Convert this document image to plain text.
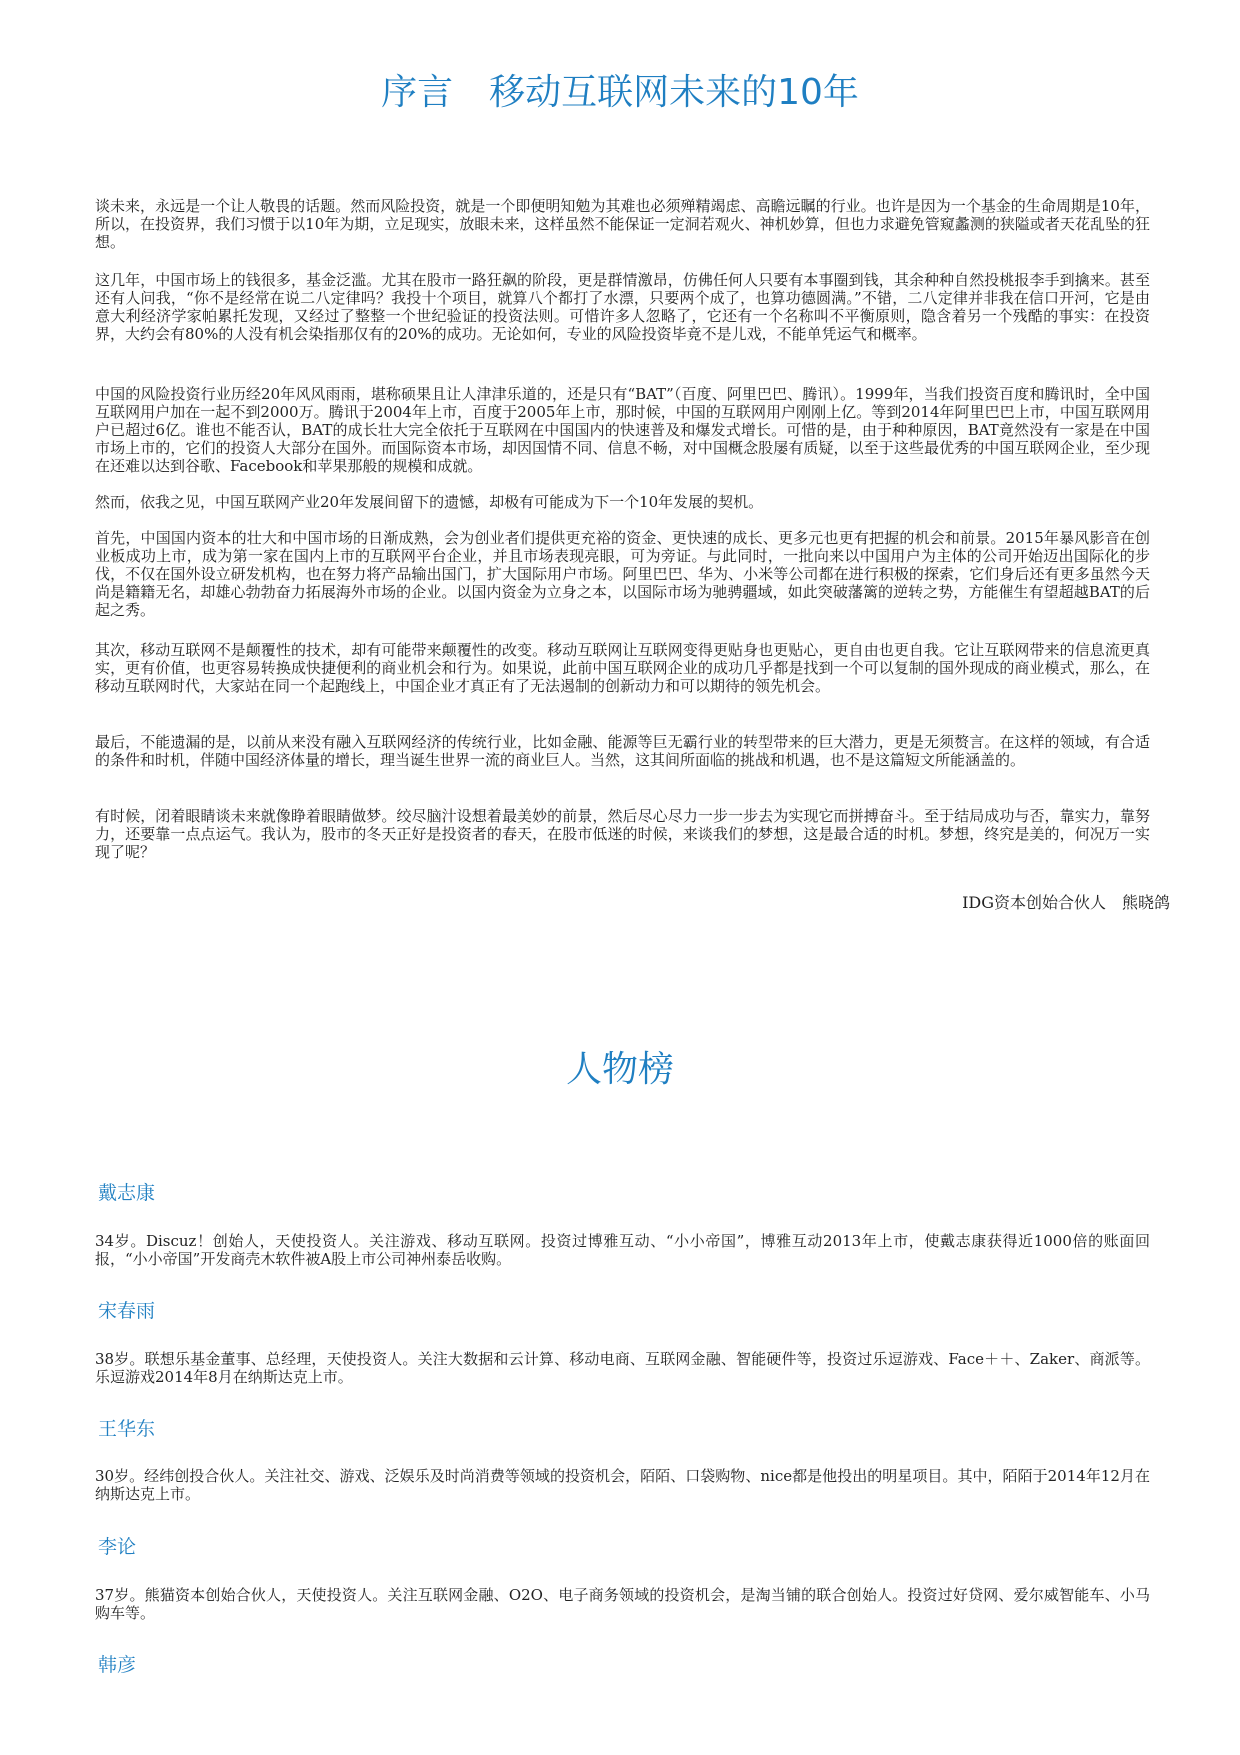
序言　移动互联网未来的10年

谈未来，永远是一个让人敬畏的话题。然而风险投资，就是一个即便明知勉为其难也必须殚精竭虑、高瞻远瞩的行业。也许是因为一个基金的生命周期是10年，所以，在投资界，我们习惯于以10年为期，立足现实，放眼未来，这样虽然不能保证一定洞若观火、神机妙算，但也力求避免管窥蠡测的狭隘或者天花乱坠的狂想。

这几年，中国市场上的钱很多，基金泛滥。尤其在股市一路狂飙的阶段，更是群情激昂，仿佛任何人只要有本事圈到钱，其余种种自然投桃报李手到擒来。甚至还有人问我，“你不是经常在说二八定律吗？我投十个项目，就算八个都打了水漂，只要两个成了，也算功德圆满。”不错，二八定律并非我在信口开河，它是由意大利经济学家帕累托发现，又经过了整整一个世纪验证的投资法则。可惜许多人忽略了，它还有一个名称叫不平衡原则，隐含着另一个残酷的事实：在投资界，大约会有80%的人没有机会染指那仅有的20%的成功。无论如何，专业的风险投资毕竟不是儿戏，不能单凭运气和概率。

中国的风险投资行业历经20年风风雨雨，堪称硕果且让人津津乐道的，还是只有“BAT”（百度、阿里巴巴、腾讯）。1999年，当我们投资百度和腾讯时，全中国互联网用户加在一起不到2000万。腾讯于2004年上市，百度于2005年上市，那时候，中国的互联网用户刚刚上亿。等到2014年阿里巴巴上市，中国互联网用户已超过6亿。谁也不能否认，BAT的成长壮大完全依托于互联网在中国国内的快速普及和爆发式增长。可惜的是，由于种种原因，BAT竟然没有一家是在中国市场上市的，它们的投资人大部分在国外。而国际资本市场，却因国情不同、信息不畅，对中国概念股屡有质疑，以至于这些最优秀的中国互联网企业，至少现在还难以达到谷歌、Facebook和苹果那般的规模和成就。

然而，依我之见，中国互联网产业20年发展间留下的遗憾，却极有可能成为下一个10年发展的契机。

首先，中国国内资本的壮大和中国市场的日渐成熟，会为创业者们提供更充裕的资金、更快速的成长、更多元也更有把握的机会和前景。2015年暴风影音在创业板成功上市，成为第一家在国内上市的互联网平台企业，并且市场表现亮眼，可为旁证。与此同时，一批向来以中国用户为主体的公司开始迈出国际化的步伐，不仅在国外设立研发机构，也在努力将产品输出国门，扩大国际用户市场。阿里巴巴、华为、小米等公司都在进行积极的探索，它们身后还有更多虽然今天尚是籍籍无名，却雄心勃勃奋力拓展海外市场的企业。以国内资金为立身之本，以国际市场为驰骋疆域，如此突破藩篱的逆转之势，方能催生有望超越BAT的后起之秀。

其次，移动互联网不是颠覆性的技术，却有可能带来颠覆性的改变。移动互联网让互联网变得更贴身也更贴心，更自由也更自我。它让互联网带来的信息流更真实，更有价值，也更容易转换成快捷便利的商业机会和行为。如果说，此前中国互联网企业的成功几乎都是找到一个可以复制的国外现成的商业模式，那么，在移动互联网时代，大家站在同一个起跑线上，中国企业才真正有了无法遏制的创新动力和可以期待的领先机会。

最后，不能遗漏的是，以前从来没有融入互联网经济的传统行业，比如金融、能源等巨无霸行业的转型带来的巨大潜力，更是无须赘言。在这样的领域，有合适的条件和时机，伴随中国经济体量的增长，理当诞生世界一流的商业巨人。当然，这其间所面临的挑战和机遇，也不是这篇短文所能涵盖的。

有时候，闭着眼睛谈未来就像睁着眼睛做梦。绞尽脑汁设想着最美妙的前景，然后尽心尽力一步一步去为实现它而拼搏奋斗。至于结局成功与否，靠实力，靠努力，还要靠一点点运气。我认为，股市的冬天正好是投资者的春天，在股市低迷的时候，来谈我们的梦想，这是最合适的时机。梦想，终究是美的，何况万一实现了呢？

IDG资本创始合伙人　熊晓鸽

人物榜
戴志康

34岁。Discuz！创始人，天使投资人。关注游戏、移动互联网。投资过博雅互动、“小小帝国”，博雅互动2013年上市，使戴志康获得近1000倍的账面回报，“小小帝国”开发商壳木软件被A股上市公司神州泰岳收购。

宋春雨

38岁。联想乐基金董事、总经理，天使投资人。关注大数据和云计算、移动电商、互联网金融、智能硬件等，投资过乐逗游戏、Face＋＋、Zaker、商派等。乐逗游戏2014年8月在纳斯达克上市。

王华东

30岁。经纬创投合伙人。关注社交、游戏、泛娱乐及时尚消费等领域的投资机会，陌陌、口袋购物、nice都是他投出的明星项目。其中，陌陌于2014年12月在纳斯达克上市。

李论

37岁。熊猫资本创始合伙人，天使投资人。关注互联网金融、O2O、电子商务领域的投资机会，是淘当铺的联合创始人。投资过好贷网、爱尔威智能车、小马购车等。

韩彦
